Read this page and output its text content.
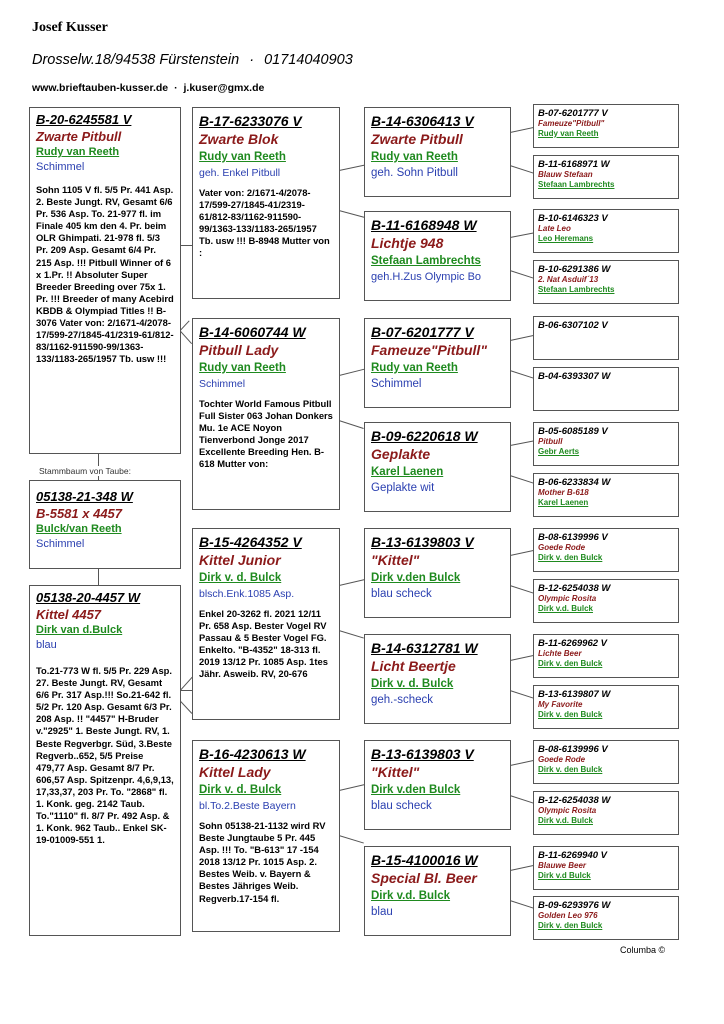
Josef Kusser
Drosselw.18/94538 Fürstenstein · 01714040903
www.brieftauben-kusser.de · j.kuser@gmx.de
B-20-6245581 V
Zwarte Pitbull
Rudy van Reeth
Schimmel
Sohn 1105 V fl. 5/5 Pr. 441 Asp. 2. Beste Jungt. RV, Gesamt 6/6 Pr. 536 Asp. To. 21-977 fl. im Finale 405 km den 4. Pr. beim OLR Ghimpati. 21-978 fl. 5/3 Pr. 209 Asp. Gesamt 6/4 Pr. 215 Asp. !!! Pitbull Winner of 6 x 1.Pr. !! Absoluter Super Breeder Breeding over 75x 1. Pr. !!! Breeder of many Acebird KBDB & Olympiad Titles !! B-3076 Vater von: 2/1671-4/2078-17/599-27/1845-41/2319-61/812-83/1162-911590-99/1363-133/1183-265/1957 Tb. usw !!!
05138-21-348 W
B-5581 x 4457
Bulck/van Reeth
Schimmel
Stammbaum von Taube:
05138-20-4457 W
Kittel 4457
Dirk van d.Bulck
blau
To.21-773 W fl. 5/5 Pr. 229 Asp. 27. Beste Jungt. RV, Gesamt 6/6 Pr. 317 Asp.!!! So.21-642 fl. 5/2 Pr. 120 Asp. Gesamt 6/3 Pr. 208 Asp. !! "4457" H-Bruder v."2925" 1. Beste Jungt. RV, 1. Beste Regverbgr. Süd, 3.Beste Regverb..652, 5/5 Preise 479,77 Asp. Gesamt 8/7 Pr. 606,57 Asp. Spitzenpr. 4,6,9,13, 17,33,37, 203 Pr. To. "2868" fl. 1. Konk. geg. 2142 Taub. To."1110" fl. 8/7 Pr. 492 Asp. & 1. Konk. 962 Taub.. Enkel SK-19-01009-551 1.
B-17-6233076 V
Zwarte Blok
Rudy van Reeth
geh. Enkel Pitbull
Vater von: 2/1671-4/2078-17/599-27/1845-41/2319-61/812-83/1162-911590-99/1363-133/1183-265/1957 Tb. usw !!! B-8948 Mutter von :
B-14-6060744 W
Pitbull Lady
Rudy van Reeth
Schimmel
Tochter World Famous Pitbull Full Sister 063 Johan Donkers Mu. 1e ACE Noyon Tienverbond Jonge 2017 Excellente Breeding Hen. B-618 Mutter von:
B-15-4264352 V
Kittel Junior
Dirk v. d. Bulck
blsch.Enk.1085 Asp.
Enkel 20-3262 fl. 2021 12/11 Pr. 658 Asp. Bester Vogel RV Passau & 5 Bester Vogel FG. Enkelto. "B-4352" 18-313 fl. 2019 13/12 Pr. 1085 Asp. 1tes Jähr. Asweib. RV, 20-676
B-16-4230613 W
Kittel Lady
Dirk v. d. Bulck
bl.To.2.Beste Bayern
Sohn 05138-21-1132 wird RV Beste Jungtaube 5 Pr. 445 Asp. !!! To. "B-613" 17 -154 2018 13/12 Pr. 1015 Asp. 2. Bestes Weib. v. Bayern & Bestes Jähriges Weib. Regverb.17-154 fl.
B-14-6306413 V
Zwarte Pitbull
Rudy van Reeth
geh. Sohn Pitbull
B-11-6168948 W
Lichtje 948
Stefaan Lambrechts
geh.H.Zus Olympic Bo
B-07-6201777 V
Fameuze"Pitbull"
Rudy van Reeth
Schimmel
B-09-6220618 W
Geplakte
Karel Laenen
Geplakte wit
B-13-6139803 V
"Kittel"
Dirk v.den Bulck
blau scheck
B-14-6312781 W
Licht Beertje
Dirk v. d. Bulck
geh.-scheck
B-13-6139803 V
"Kittel"
Dirk v.den Bulck
blau scheck
B-15-4100016 W
Special Bl. Beer
Dirk v.d. Bulck
blau
B-07-6201777 V
Fameuze"Pitbull"
Rudy van Reeth
B-11-6168971 W
Blauw Stefaan
Stefaan Lambrechts
B-10-6146323 V
Late Leo
Leo Heremans
B-10-6291386 W
2. Nat Asduif´13
Stefaan Lambrechts
B-06-6307102 V
B-04-6393307 W
B-05-6085189 V
Pitbull
Gebr Aerts
B-06-6233834 W
Mother B-618
Karel Laenen
B-08-6139996 V
Goede Rode
Dirk v. den Bulck
B-12-6254038 W
Olympic Rosita
Dirk v.d. Bulck
B-11-6269962 V
Lichte Beer
Dirk v. den Bulck
B-13-6139807 W
My Favorite
Dirk v. den Bulck
B-08-6139996 V
Goede Rode
Dirk v. den Bulck
B-12-6254038 W
Olympic Rosita
Dirk v.d. Bulck
B-11-6269940 V
Blauwe Beer
Dirk v.d Bulck
B-09-6293976 W
Golden Leo 976
Dirk v. den Bulck
Columba ©
